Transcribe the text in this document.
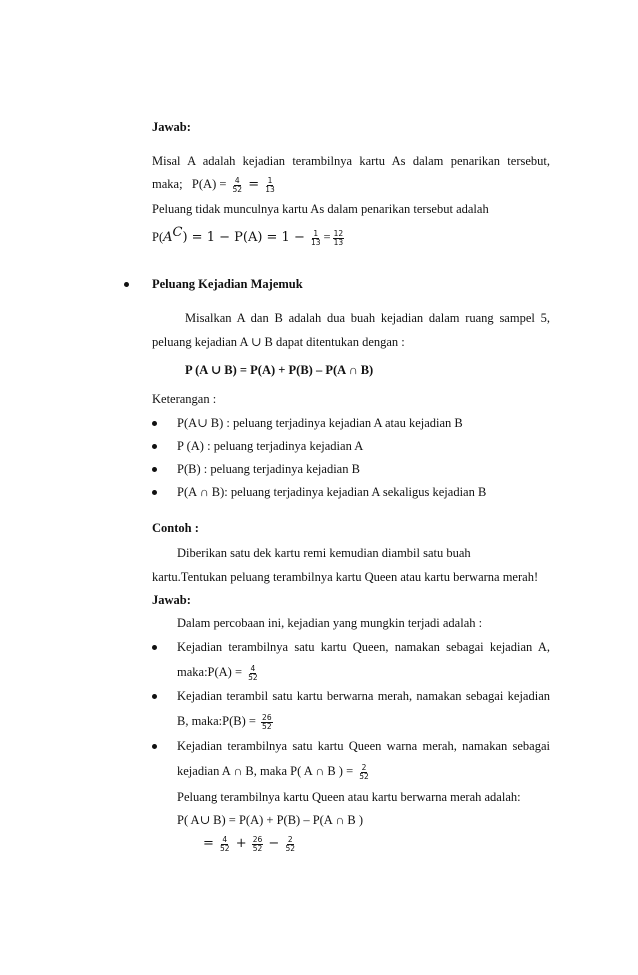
Jawab:
Misal A adalah kejadian terambilnya kartu As dalam penarikan tersebut,
maka; $P(A) = \frac{4}{52} = \frac{1}{13}$
Peluang tidak munculnya kartu As dalam penarikan tersebut adalah
$P(A^C) = 1 - P(A) = 1 - \frac{1}{13} = \frac{12}{13}$
Peluang Kejadian Majemuk
Misalkan A dan B adalah dua buah kejadian dalam ruang sampel 5,
peluang kejadian A ∪ B dapat ditentukan dengan :
P (A ∪ B) = P(A) + P(B) – P(A ∩ B)
Keterangan :
P(A∪ B) : peluang terjadinya kejadian A atau kejadian B
P (A) : peluang terjadinya kejadian A
P(B) : peluang terjadinya kejadian B
P(A ∩ B): peluang terjadinya kejadian A sekaligus kejadian B
Contoh :
Diberikan satu dek kartu remi kemudian diambil satu buah
kartu.Tentukan peluang terambilnya kartu Queen atau kartu berwarna merah!
Jawab:
Dalam percobaan ini, kejadian yang mungkin terjadi adalah :
Kejadian terambilnya satu kartu Queen, namakan sebagai kejadian A,
maka:P(A) = $\frac{4}{52}$
Kejadian terambil satu kartu berwarna merah, namakan sebagai kejadian
B, maka:P(B) = $\frac{26}{52}$
Kejadian terambilnya satu kartu Queen warna merah, namakan sebagai
kejadian A ∩ B, maka P( A ∩ B ) = $\frac{2}{52}$
Peluang terambilnya kartu Queen atau kartu berwarna merah adalah:
P( A∪ B) = P(A) + P(B) – P(A ∩ B )
= $\frac{4}{52} + \frac{26}{52} - \frac{2}{52}$
